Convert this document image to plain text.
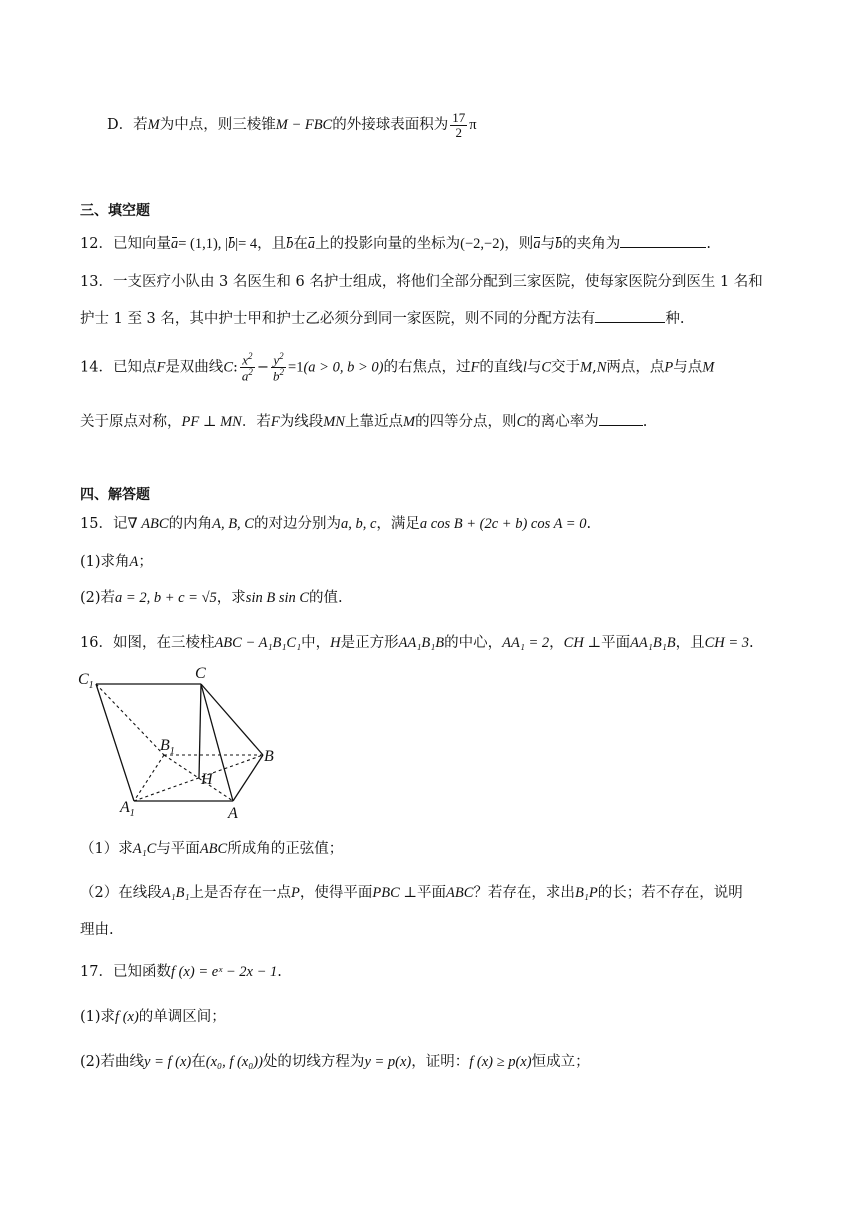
D．若M为中点，则三棱锥M − FBC的外接球表面积为 $\frac{17}{2}$ π
三、填空题
12．已知向量a= (1,1), |b|= 4，且b在a上的投影向量的坐标为(−2,−2)，则a与b的夹角为	.
13．一支医疗小队由 3 名医生和 6 名护士组成，将他们全部分配到三家医院，使每家医院分到医生 1 名和
护士 1 至 3 名，其中护士甲和护士乙必须分到同一家医院，则不同的分配方法有	种.
14．已知点F是双曲线C: $\frac{x^2}{a^2} - \frac{y^2}{b^2} =1(a > 0$, b > 0)的右焦点，过F的直线l与C交于M,N两点，点P与点M
关于原点对称，PF ⊥ MN．若F为线段MN上靠近点M的四等分点，则C的离心率为	.
四、解答题
15．记∇ ABC的内角A, B, C的对边分别为a, b, c，满足a cos B + (2c + b) cos A = 0.
(1)求角A；
(2)若a = 2, b + c = √5，求sin B sin C的值.
16．如图，在三棱柱ABC − A₁B₁C₁中，H是正方形AA₁B₁B的中心，AA₁ = 2，CH ⊥平面AA₁B₁B，且CH = 3.
$C_1$
C
$B_1$	B
H
$A_1$	A
（1）求A₁C与平面ABC所成角的正弦值；
（2）在线段A₁B₁上是否存在一点P，使得平面PBC ⊥平面ABC？若存在，求出B₁P的长；若不存在，说明
理由.
17．已知函数f (x) = eˣ − 2x − 1.
(1)求f (x)的单调区间；
(2)若曲线y = f (x)在(x₀, f (x₀))处的切线方程为y = p(x)，证明：f (x) ≥ p(x)恒成立；
